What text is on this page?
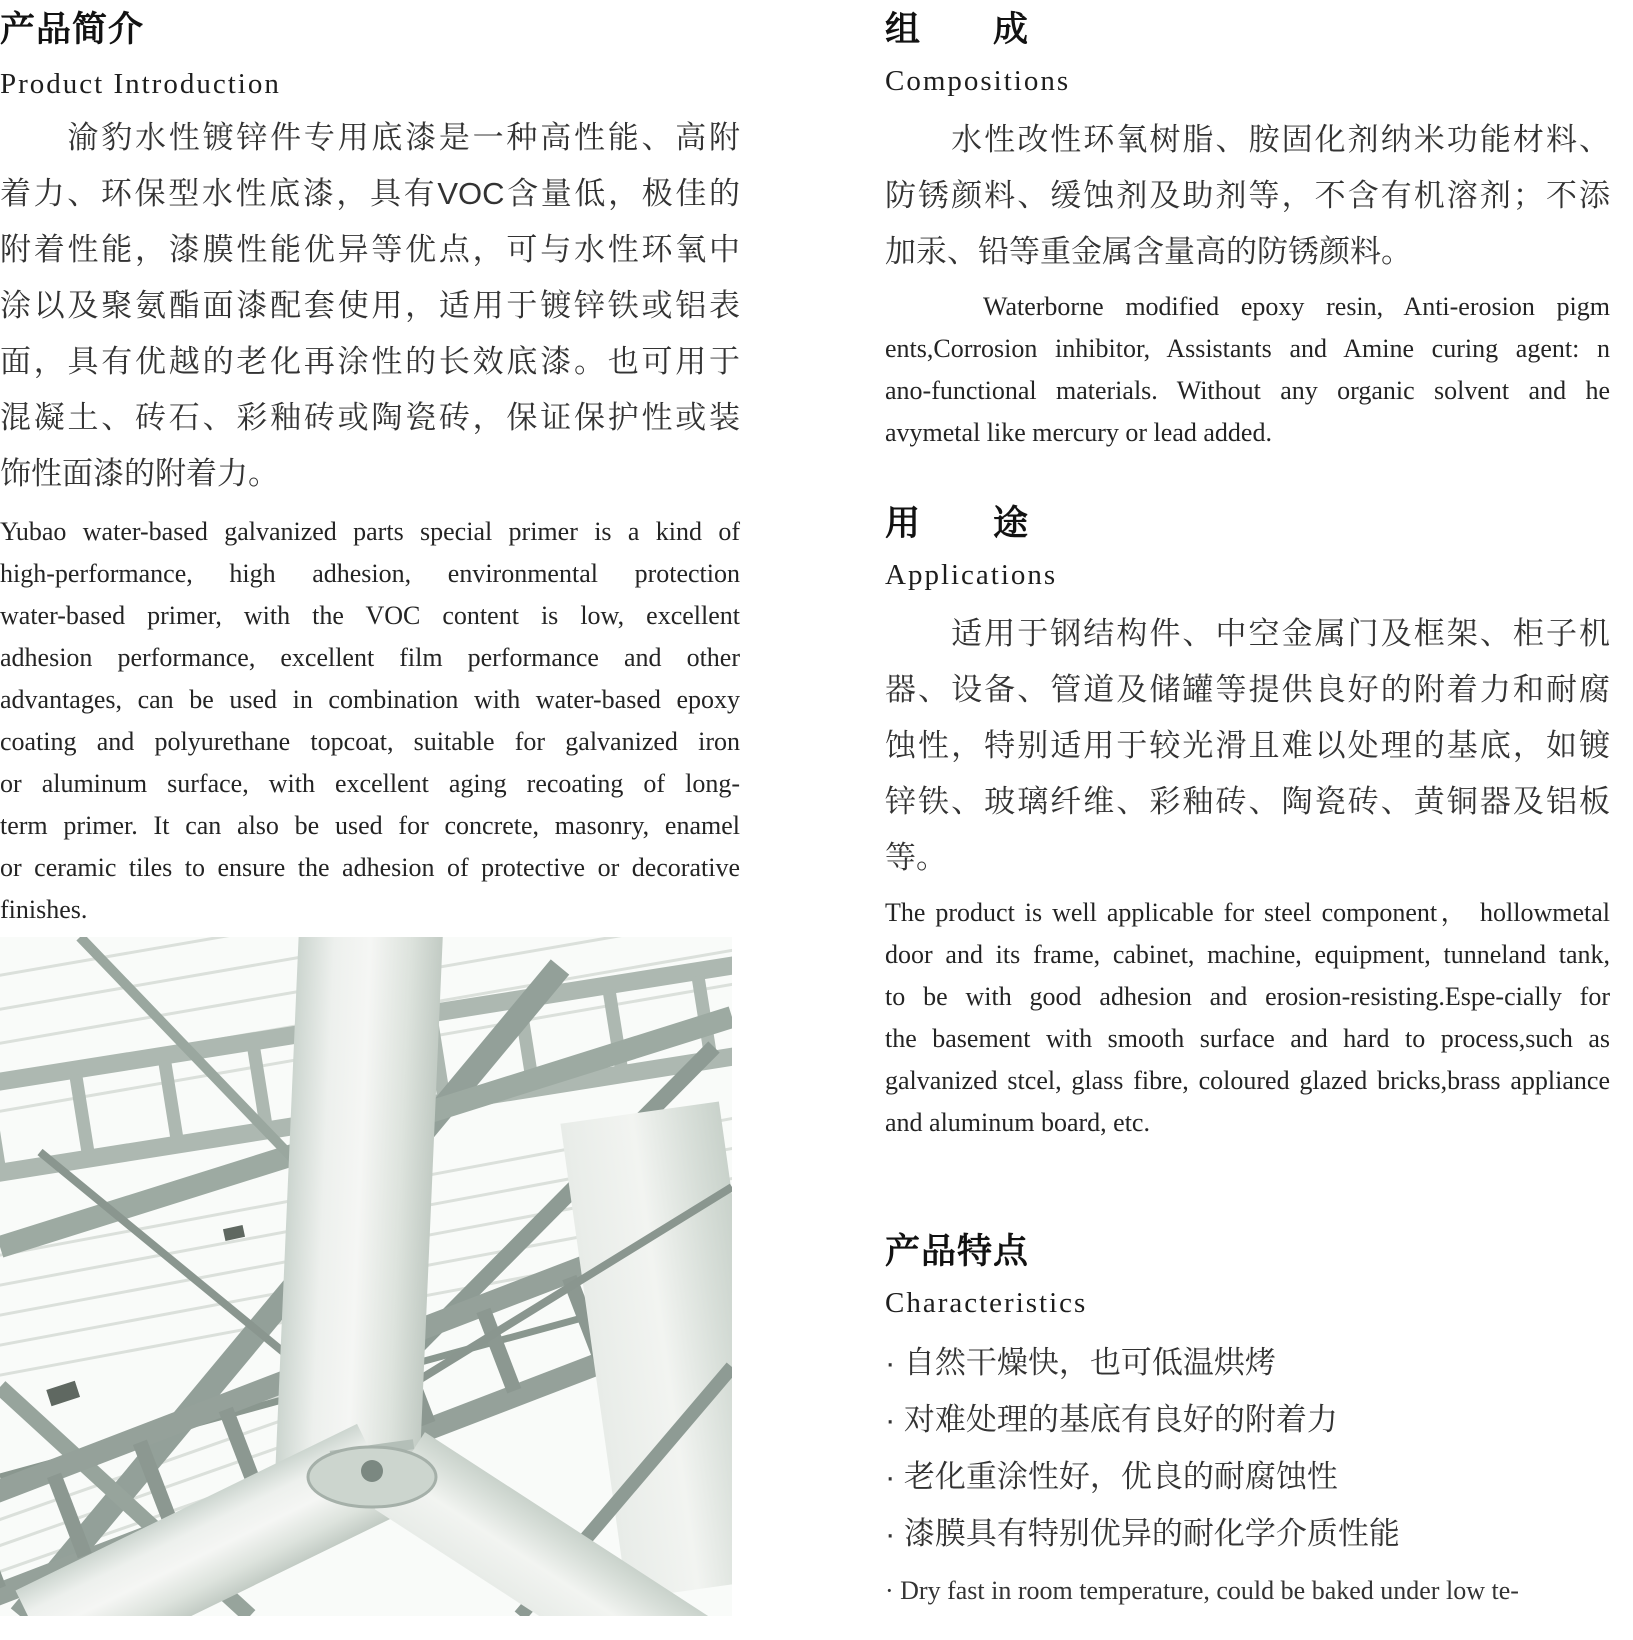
产品简介
Product Introduction
　　渝豹水性镀锌件专用底漆是一种高性能、高附
着力、环保型水性底漆，具有VOC含量低，极佳的
附着性能，漆膜性能优异等优点，可与水性环氧中
涂以及聚氨酯面漆配套使用，适用于镀锌铁或铝表
面，具有优越的老化再涂性的长效底漆。也可用于
混凝土、砖石、彩釉砖或陶瓷砖，保证保护性或装
饰性面漆的附着力。
Yubao water-based galvanized parts special primer is a kind of
high-performance, high adhesion, environmental protection
water-based primer, with the VOC content is low, excellent
adhesion performance, excellent film performance and other
advantages, can be used in combination with water-based epoxy
coating and polyurethane topcoat, suitable for galvanized iron
or aluminum surface, with excellent aging recoating of long-
term primer. It can also be used for concrete, masonry, enamel
or ceramic tiles to ensure the adhesion of protective or decorative
finishes.
组　　成
Compositions
　　水性改性环氧树脂、胺固化剂纳米功能材料、
防锈颜料、缓蚀剂及助剂等，不含有机溶剂；不添
加汞、铅等重金属含量高的防锈颜料。
Waterborne modified epoxy resin, Anti-erosion pigm
ents,Corrosion inhibitor, Assistants and Amine curing agent: n
ano-functional materials. Without any organic solvent and he
avymetal like mercury or lead added.
用　　途
Applications
　　适用于钢结构件、中空金属门及框架、柜子机
器、设备、管道及储罐等提供良好的附着力和耐腐
蚀性，特别适用于较光滑且难以处理的基底，如镀
锌铁、玻璃纤维、彩釉砖、陶瓷砖、黄铜器及铝板
等。
The product is well applicable for steel component， hollowmetal
door and its frame, cabinet, machine, equipment, tunneland tank,
to be with good adhesion and erosion-resisting.Espe-cially for
the basement with smooth surface and hard to process,such as
galvanized stcel, glass fibre, coloured glazed bricks,brass appliance
and aluminum board, etc.
产品特点
Characteristics
· 自然干燥快，也可低温烘烤
· 对难处理的基底有良好的附着力
· 老化重涂性好，优良的耐腐蚀性
· 漆膜具有特别优异的耐化学介质性能
· Dry fast in room temperature, could be baked under low te-
